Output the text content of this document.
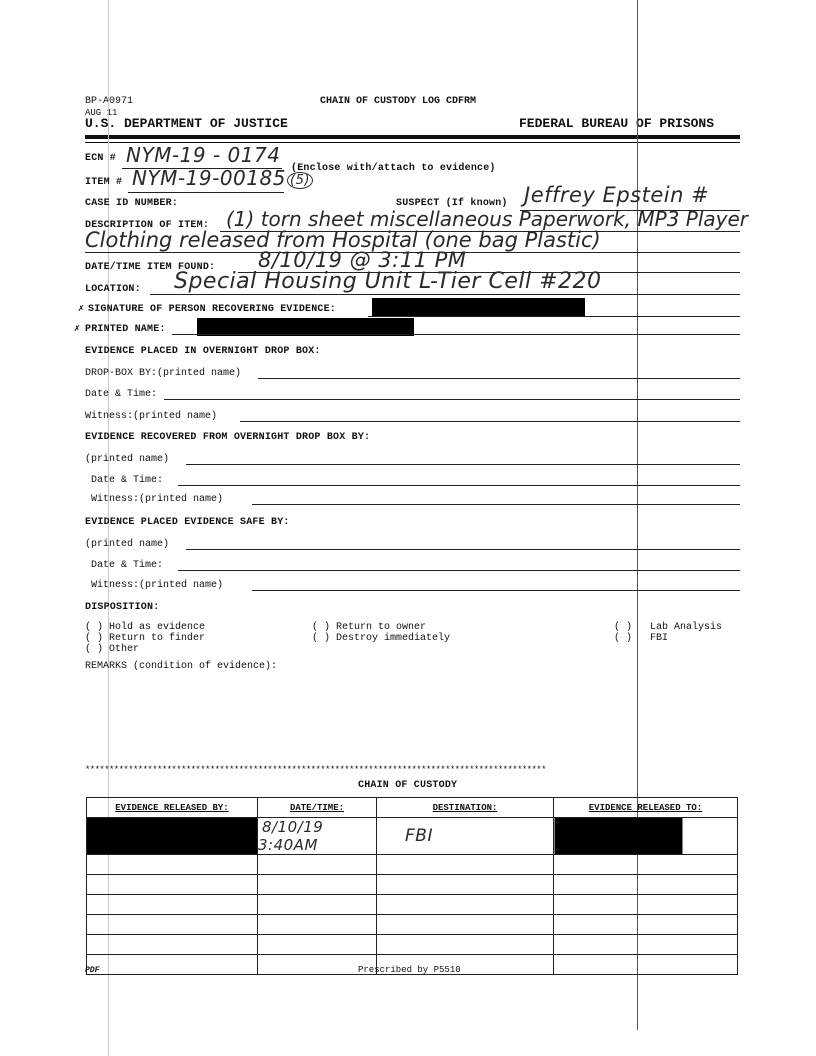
BP-A0971	CHAIN OF CUSTODY LOG CDFRM
AUG 11
U.S. DEPARTMENT OF JUSTICE	FEDERAL BUREAU OF PRISONS
ECN # NYM-19 - 0174
(Enclose with/attach to evidence)
ITEM # NYM-19-00185 (5)
CASE ID NUMBER:	SUSPECT (If known) Jeffrey Epstein #
DESCRIPTION OF ITEM: (1) torn sheet miscellaneous Paperwork, MP3 Player
Clothing released from Hospital (one bag Plastic)
DATE/TIME ITEM FOUND: 8/10/19 @ 3:11 PM
LOCATION: Special Housing Unit L-Tier Cell #220
✗ SIGNATURE OF PERSON RECOVERING EVIDENCE:
✗ PRINTED NAME:
EVIDENCE PLACED IN OVERNIGHT DROP BOX:
DROP-BOX BY:(printed name)
Date & Time:
Witness:(printed name)
EVIDENCE RECOVERED FROM OVERNIGHT DROP BOX BY:
(printed name)
Date & Time:
Witness:(printed name)
EVIDENCE PLACED EVIDENCE SAFE BY:
(printed name)
Date & Time:
Witness:(printed name)
DISPOSITION:
( ) Hold as evidence
( ) Return to finder
( ) Other
( ) Return to owner
( ) Destroy immediately
( )
( )
Lab Analysis
FBI
REMARKS (condition of evidence):
************************************************************************************************
CHAIN OF CUSTODY
EVIDENCE RELEASED BY:	DATE/TIME:	DESTINATION:	EVIDENCE RELEASED TO:
	8/10/19 3:40AM	FBI	

PDF	Prescribed by P5510
